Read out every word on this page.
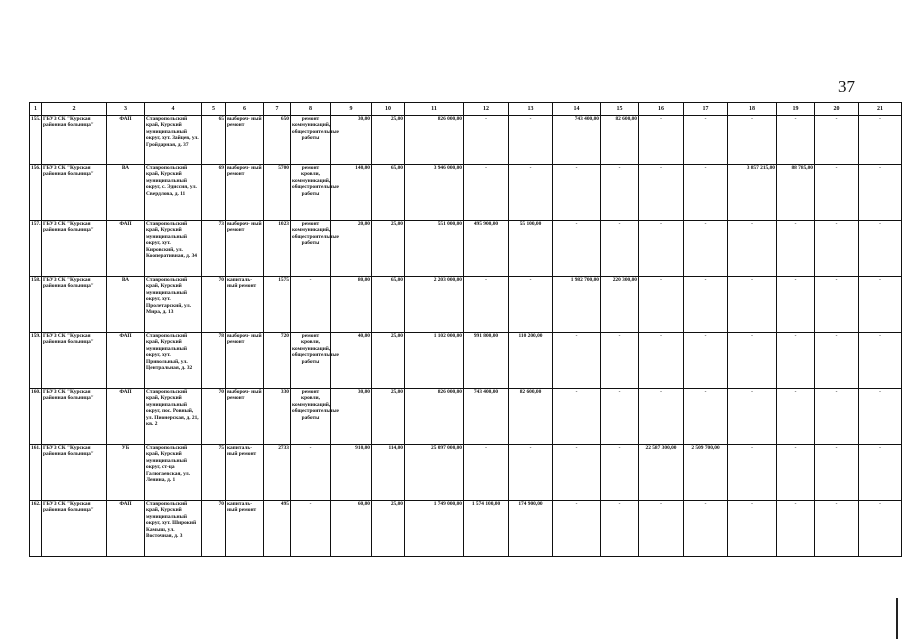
37
1	2	3	4	5	6	7	8	9	10	11	12	13	14	15	16	17	18	19	20	21
155.	ГБУЗ СК "Курская районная больница"	ФАП	Ставропольский край, Курский муниципальный округ, хут. Зайцев, ул. Гройдарная, д. 37	65	выбороч- ный ремонт	650	ремонт коммуникаций, общестроительные работы	30,00	25,00	826 000,00	-	-	743 400,00	82 600,00	-	-	-	-	-	-
156.	ГБУЗ СК "Курская районная больница"	ВА	Ставропольский край, Курский муниципальный округ, с. Эдиссия, ул. Свердлова, д. 11	69	выбороч- ный ремонт	5700	ремонт кровли, коммуникаций, общестроительные работы	140,00	65,00	3 946 000,00	-	-	-	-	-	-	3 857 215,00	88 785,00	-	-
157.	ГБУЗ СК "Курская районная больница"	ФАП	Ставропольский край, Курский муниципальный округ, хут. Кировский, ул. Кооперативная, д. 34	73	выбороч- ный ремонт	1023	ремонт коммуникаций, общестроительные работы	20,00	25,00	551 000,00	495 900,00	55 100,00	-	-	-	-	-	-	-	-
158.	ГБУЗ СК "Курская районная больница"	ВА	Ставропольский край, Курский муниципальный округ, хут. Пролетарский, ул. Мира, д. 13	70	капиталь- ный ремонт	1575	-	80,00	65,00	2 203 000,00	-	-	1 982 700,00	220 300,00	-	-	-	-	-	-
159.	ГБУЗ СК "Курская районная больница"	ФАП	Ставропольский край, Курский муниципальный округ, хут. Привольный, ул. Центральная, д. 32	78	выбороч- ный ремонт	720	ремонт кровли, коммуникаций, общестроительные работы	40,00	25,00	1 102 000,00	991 800,00	110 200,00	-	-	-	-	-	-	-	-
160.	ГБУЗ СК "Курская районная больница"	ФАП	Ставропольский край, Курский муниципальный округ, пос. Ровный, ул. Пионерская, д. 21, кв. 2	70	выбороч- ный ремонт	330	ремонт кровли, коммуникаций, общестроительные работы	30,00	25,00	826 000,00	743 400,00	82 600,00	-	-	-	-	-	-	-	-
161.	ГБУЗ СК "Курская районная больница"	УБ	Ставропольский край, Курский муниципальный округ, ст-ца Галюгаевская, ул. Ленина, д. 1	75	капиталь- ный ремонт	2733	-	910,00	114,00	25 097 000,00	-	-	-	-	22 587 300,00	2 509 700,00	-	-	-	-
162.	ГБУЗ СК "Курская районная больница"	ФАП	Ставропольский край, Курский муниципальный округ, хут. Широкий Камыш, ул. Восточная, д. 3	70	капиталь- ный ремонт	495	-	60,00	25,00	1 749 000,00	1 574 100,00	174 900,00	-	-	-	-	-	-	-	-
